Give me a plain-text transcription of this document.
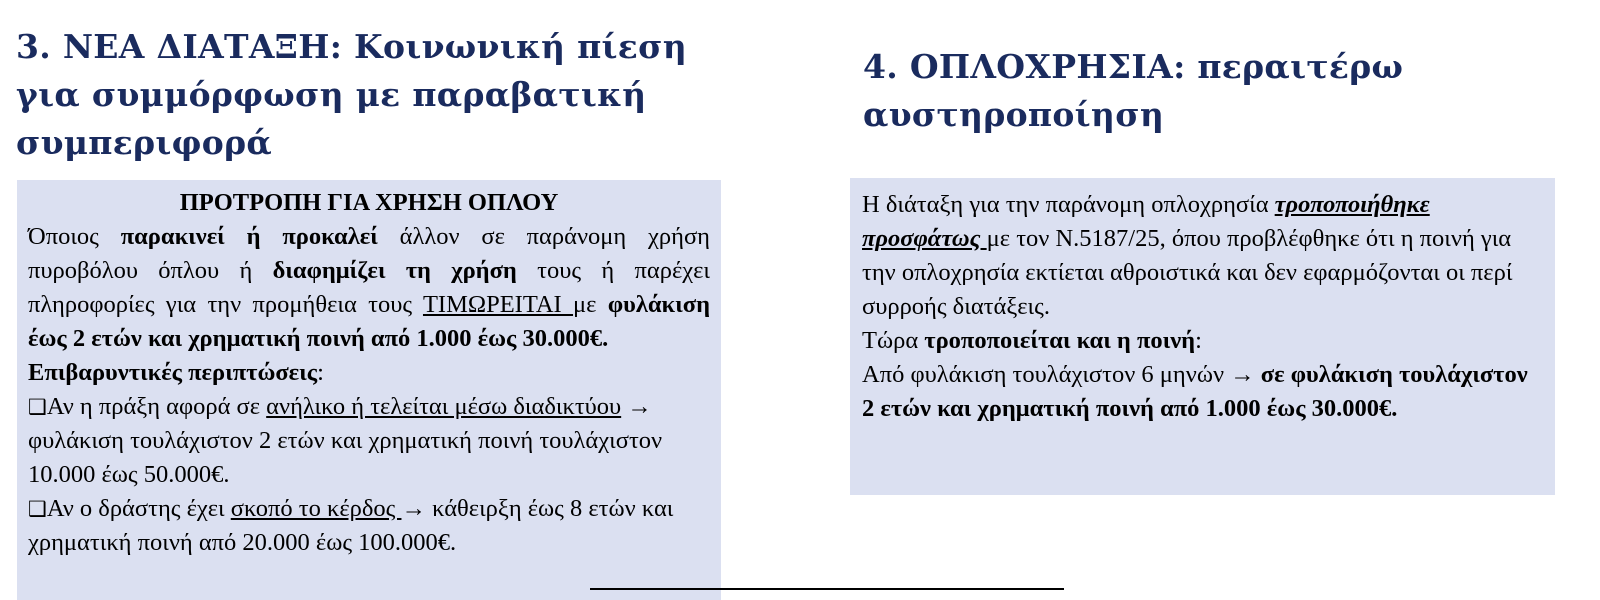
3. ΝΕΑ ΔΙΑΤΑΞΗ: Κοινωνική πίεση για συμμόρφωση με παραβατική συμπεριφορά

ΠΡΟΤΡΟΠΗ ΓΙΑ ΧΡΗΣΗ ΟΠΛΟΥ

Όποιος παρακινεί ή προκαλεί άλλον σε παράνομη χρήση πυροβόλου όπλου ή διαφημίζει τη χρήση τους ή παρέχει πληροφορίες για την προμήθεια τους ΤΙΜΩΡΕΙΤΑΙ με φυλάκιση έως 2 ετών και χρηματική ποινή από 1.000 έως 30.000€.

Επιβαρυντικές περιπτώσεις:

❑Αν η πράξη αφορά σε ανήλικο ή τελείται μέσω διαδικτύου → φυλάκιση τουλάχιστον 2 ετών και χρηματική ποινή τουλάχιστον 10.000 έως 50.000€.

❑Αν ο δράστης έχει σκοπό το κέρδος → κάθειρξη έως 8 ετών και χρηματική ποινή από 20.000 έως 100.000€.

4. ΟΠΛΟΧΡΗΣΙΑ: περαιτέρω αυστηροποίηση

Η διάταξη για την παράνομη οπλοχρησία τροποποιήθηκε προσφάτως με τον Ν.5187/25, όπου προβλέφθηκε ότι η ποινή για την οπλοχρησία εκτίεται αθροιστικά και δεν εφαρμόζονται οι περί συρροής διατάξεις.

Τώρα τροποποιείται και η ποινή:

Από φυλάκιση τουλάχιστον 6 μηνών → σε φυλάκιση τουλάχιστον 2 ετών και χρηματική ποινή από 1.000 έως 30.000€.
